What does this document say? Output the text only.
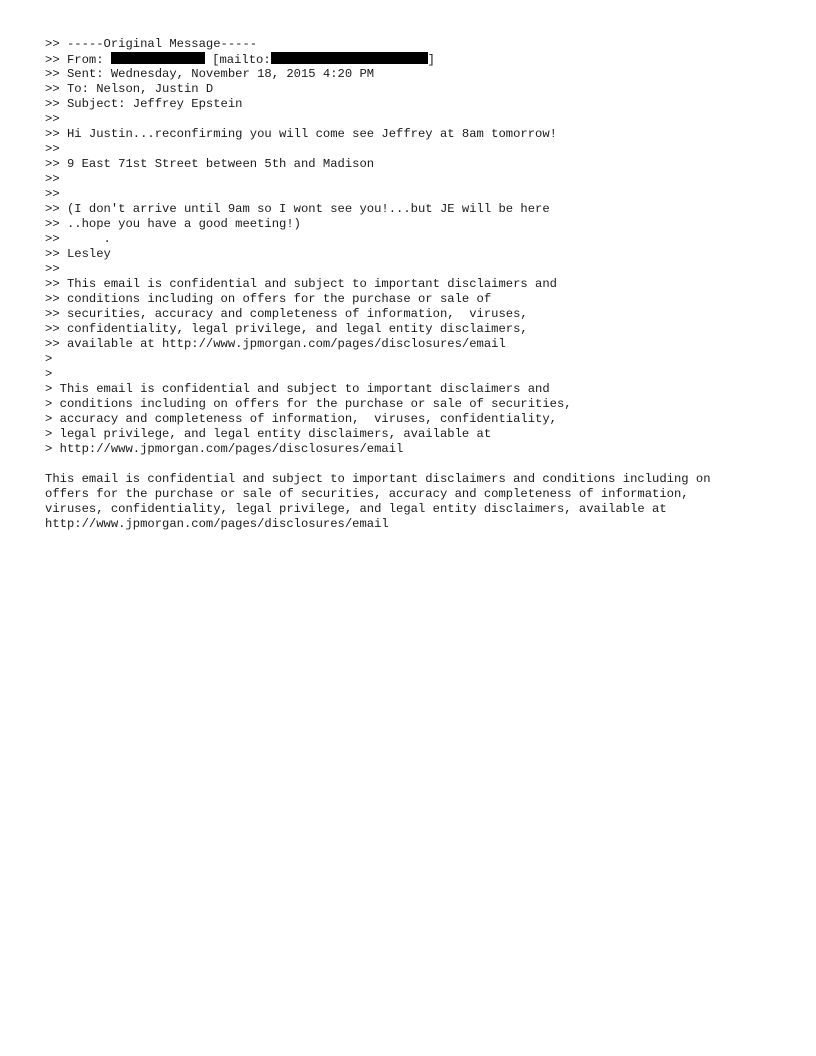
>> -----Original Message-----
>> From:	[mailto:	]
>> Sent: Wednesday, November 18, 2015 4:20 PM
>> To: Nelson, Justin D
>> Subject: Jeffrey Epstein
>>
>> Hi Justin...reconfirming you will come see Jeffrey at 8am tomorrow!
>>
>> 9 East 71st Street between 5th and Madison
>>
>>
>> (I don't arrive until 9am so I wont see you!...but JE will be here
>> ..hope you have a good meeting!)
>>      .
>> Lesley
>>
>> This email is confidential and subject to important disclaimers and
>> conditions including on offers for the purchase or sale of
>> securities, accuracy and completeness of information,  viruses,
>> confidentiality, legal privilege, and legal entity disclaimers,
>> available at http://www.jpmorgan.com/pages/disclosures/email
>
>
> This email is confidential and subject to important disclaimers and
> conditions including on offers for the purchase or sale of securities,
> accuracy and completeness of information,  viruses, confidentiality,
> legal privilege, and legal entity disclaimers, available at
> http://www.jpmorgan.com/pages/disclosures/email
This email is confidential and subject to important disclaimers and conditions including on
offers for the purchase or sale of securities, accuracy and completeness of information,
viruses, confidentiality, legal privilege, and legal entity disclaimers, available at
http://www.jpmorgan.com/pages/disclosures/email
